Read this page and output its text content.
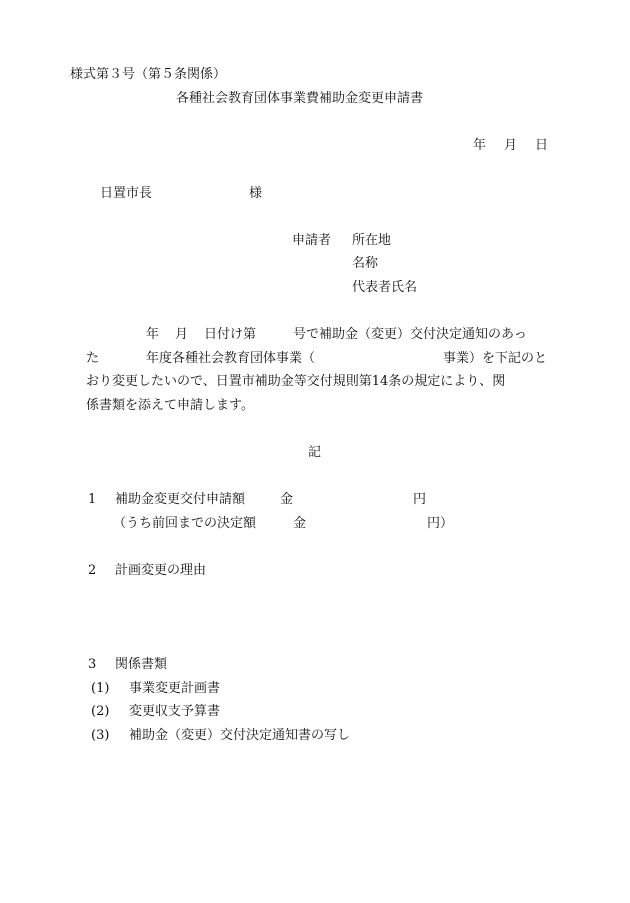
様式第３号（第５条関係）
各種社会教育団体事業費補助金変更申請書
年 月 日
日置市長	様
申請者 所在地
名称
代表者氏名
年 月 日付け第	号で補助金（変更）交付決定通知のあっ
た	年度各種社会教育団体事業（	事業）を下記のと
おり変更したいので、日置市補助金等交付規則第14条の規定により、関
係書類を添えて申請します。
記
1 補助金変更交付申請額	金	円
（うち前回までの決定額	金	円）
2 計画変更の理由
3 関係書類
(1) 事業変更計画書
(2) 変更収支予算書
(3) 補助金（変更）交付決定通知書の写し
